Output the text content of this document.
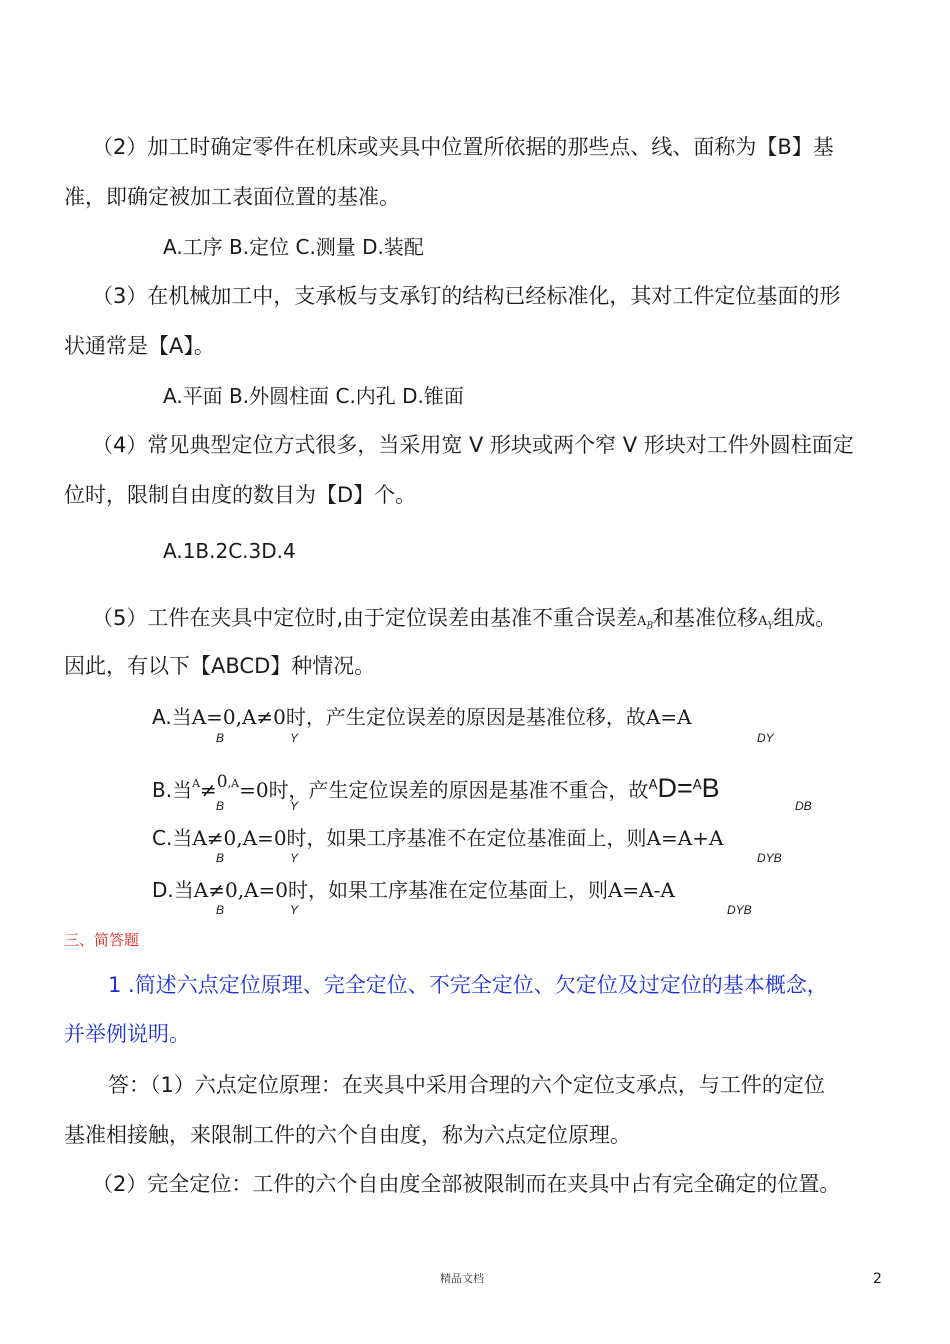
（2）加工时确定零件在机床或夹具中位置所依据的那些点、线、面称为【B】基
准，即确定被加工表面位置的基准。
A.工序 B.定位 C.测量 D.装配
（3）在机械加工中，支承板与支承钉的结构已经标准化，其对工件定位基面的形
状通常是【A】。
A.平面 B.外圆柱面 C.内孔 D.锥面
（4）常见典型定位方式很多，当采用宽 V 形块或两个窄 V 形块对工件外圆柱面定
位时，限制自由度的数目为【D】个。
A.1B.2C.3D.4
（5）工件在夹具中定位时,由于定位误差由基准不重合误差$A_B$和基准位移$A_Y$组成。
因此，有以下【ABCD】种情况。
A.当A=0,A≠0时，产生定位误差的原因是基准位移，故A=A
B	Y	DY
B.当$^A$≠$^{0,A}$=0时，产生定位误差的原因是基准不重合，故$^A$D=$^A$B
B	Y	DB
C.当A≠0,A=0时，如果工序基准不在定位基准面上，则A=A+A
B	Y	DYB
D.当A≠0,A=0时，如果工序基准在定位基面上，则A=A-A
B	Y	DYB
三、简答题
1 .简述六点定位原理、完全定位、不完全定位、欠定位及过定位的基本概念，
并举例说明。
答：（1）六点定位原理：在夹具中采用合理的六个定位支承点，与工件的定位
基准相接触，来限制工件的六个自由度，称为六点定位原理。
（2）完全定位：工件的六个自由度全部被限制而在夹具中占有完全确定的位置。
精品文档	2
